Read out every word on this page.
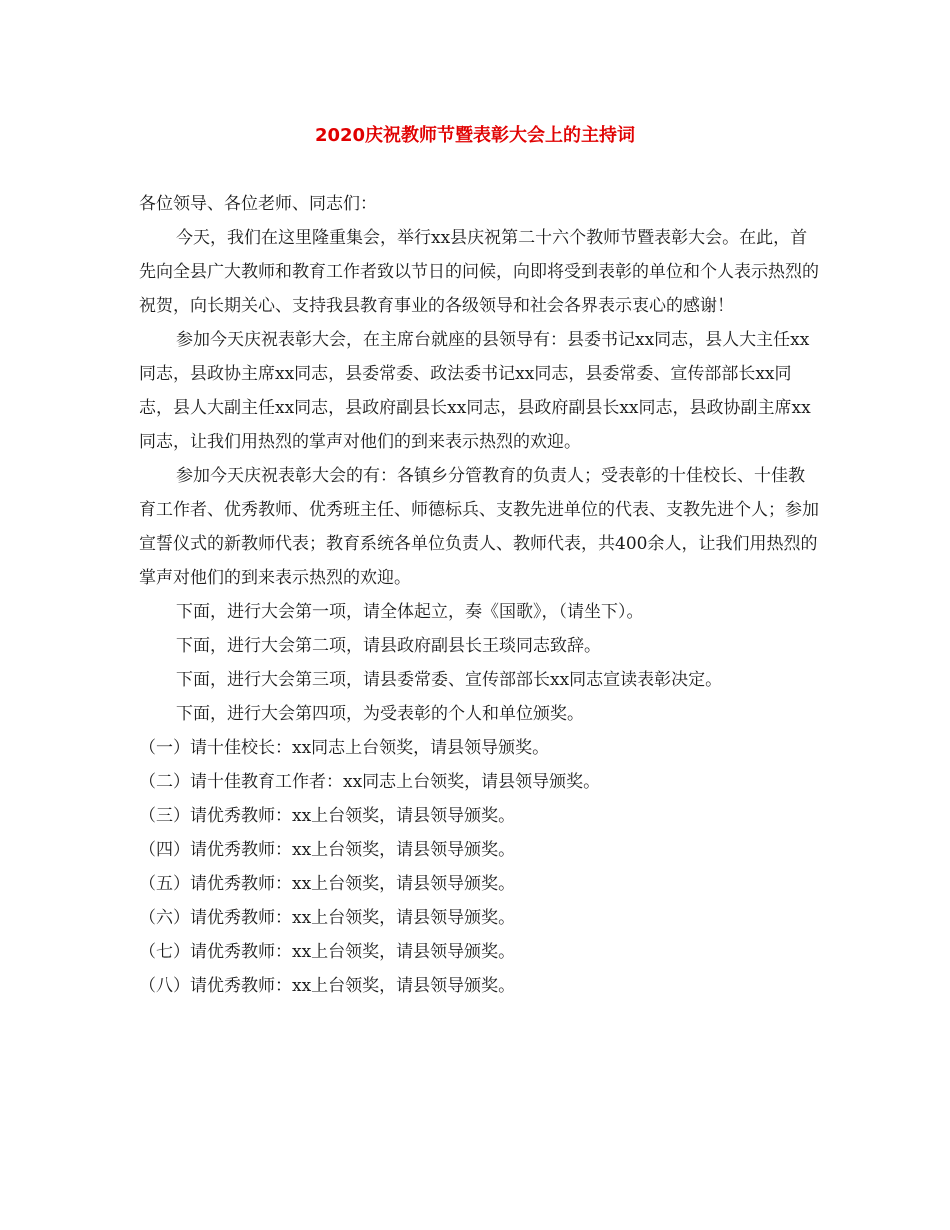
2020庆祝教师节暨表彰大会上的主持词

各位领导、各位老师、同志们：

今天，我们在这里隆重集会，举行xx县庆祝第二十六个教师节暨表彰大会。在此，首先向全县广大教师和教育工作者致以节日的问候，向即将受到表彰的单位和个人表示热烈的祝贺，向长期关心、支持我县教育事业的各级领导和社会各界表示衷心的感谢！

参加今天庆祝表彰大会，在主席台就座的县领导有：县委书记xx同志，县人大主任xx同志，县政协主席xx同志，县委常委、政法委书记xx同志，县委常委、宣传部部长xx同志，县人大副主任xx同志，县政府副县长xx同志，县政府副县长xx同志，县政协副主席xx同志，让我们用热烈的掌声对他们的到来表示热烈的欢迎。

参加今天庆祝表彰大会的有：各镇乡分管教育的负责人；受表彰的十佳校长、十佳教育工作者、优秀教师、优秀班主任、师德标兵、支教先进单位的代表、支教先进个人；参加宣誓仪式的新教师代表；教育系统各单位负责人、教师代表，共400余人，让我们用热烈的掌声对他们的到来表示热烈的欢迎。

下面，进行大会第一项，请全体起立，奏《国歌》，（请坐下）。

下面，进行大会第二项，请县政府副县长王琰同志致辞。

下面，进行大会第三项，请县委常委、宣传部部长xx同志宣读表彰决定。

下面，进行大会第四项，为受表彰的个人和单位颁奖。

（一）请十佳校长：xx同志上台领奖，请县领导颁奖。

（二）请十佳教育工作者：xx同志上台领奖，请县领导颁奖。

（三）请优秀教师：xx上台领奖，请县领导颁奖。

（四）请优秀教师：xx上台领奖，请县领导颁奖。

（五）请优秀教师：xx上台领奖，请县领导颁奖。

（六）请优秀教师：xx上台领奖，请县领导颁奖。

（七）请优秀教师：xx上台领奖，请县领导颁奖。

（八）请优秀教师：xx上台领奖，请县领导颁奖。
